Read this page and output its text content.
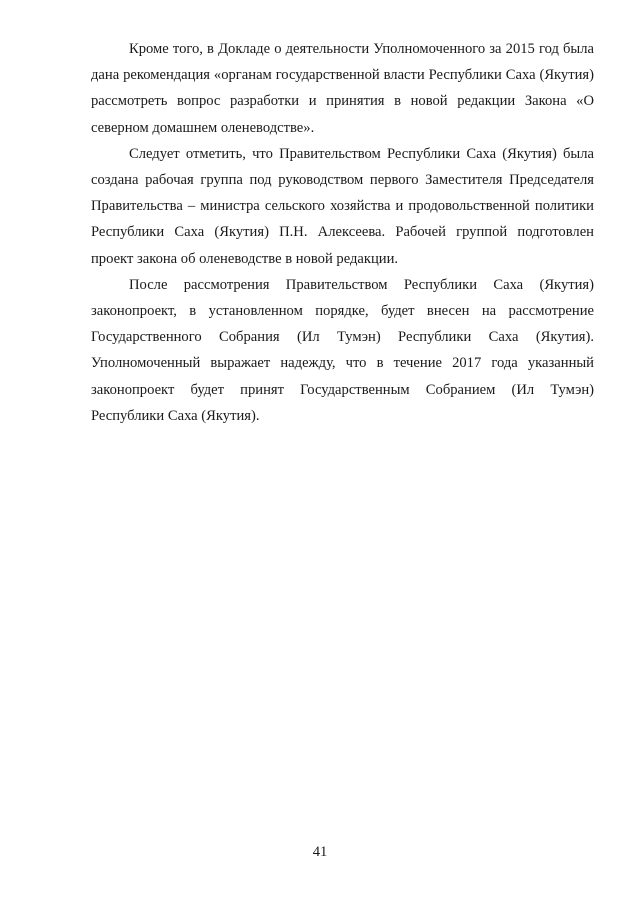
Кроме того, в Докладе о деятельности Уполномоченного за 2015 год была дана рекомендация «органам государственной власти Республики Саха (Якутия) рассмотреть вопрос разработки и принятия в новой редакции Закона «О северном домашнем оленеводстве».

Следует отметить, что Правительством Республики Саха (Якутия) была создана рабочая группа под руководством первого Заместителя Председателя Правительства – министра сельского хозяйства и продовольственной политики Республики Саха (Якутия) П.Н. Алексеева. Рабочей группой подготовлен проект закона об оленеводстве в новой редакции.

После рассмотрения Правительством Республики Саха (Якутия) законопроект, в установленном порядке, будет внесен на рассмотрение Государственного Собрания (Ил Тумэн) Республики Саха (Якутия). Уполномоченный выражает надежду, что в течение 2017 года указанный законопроект будет принят Государственным Собранием (Ил Тумэн) Республики Саха (Якутия).

41
